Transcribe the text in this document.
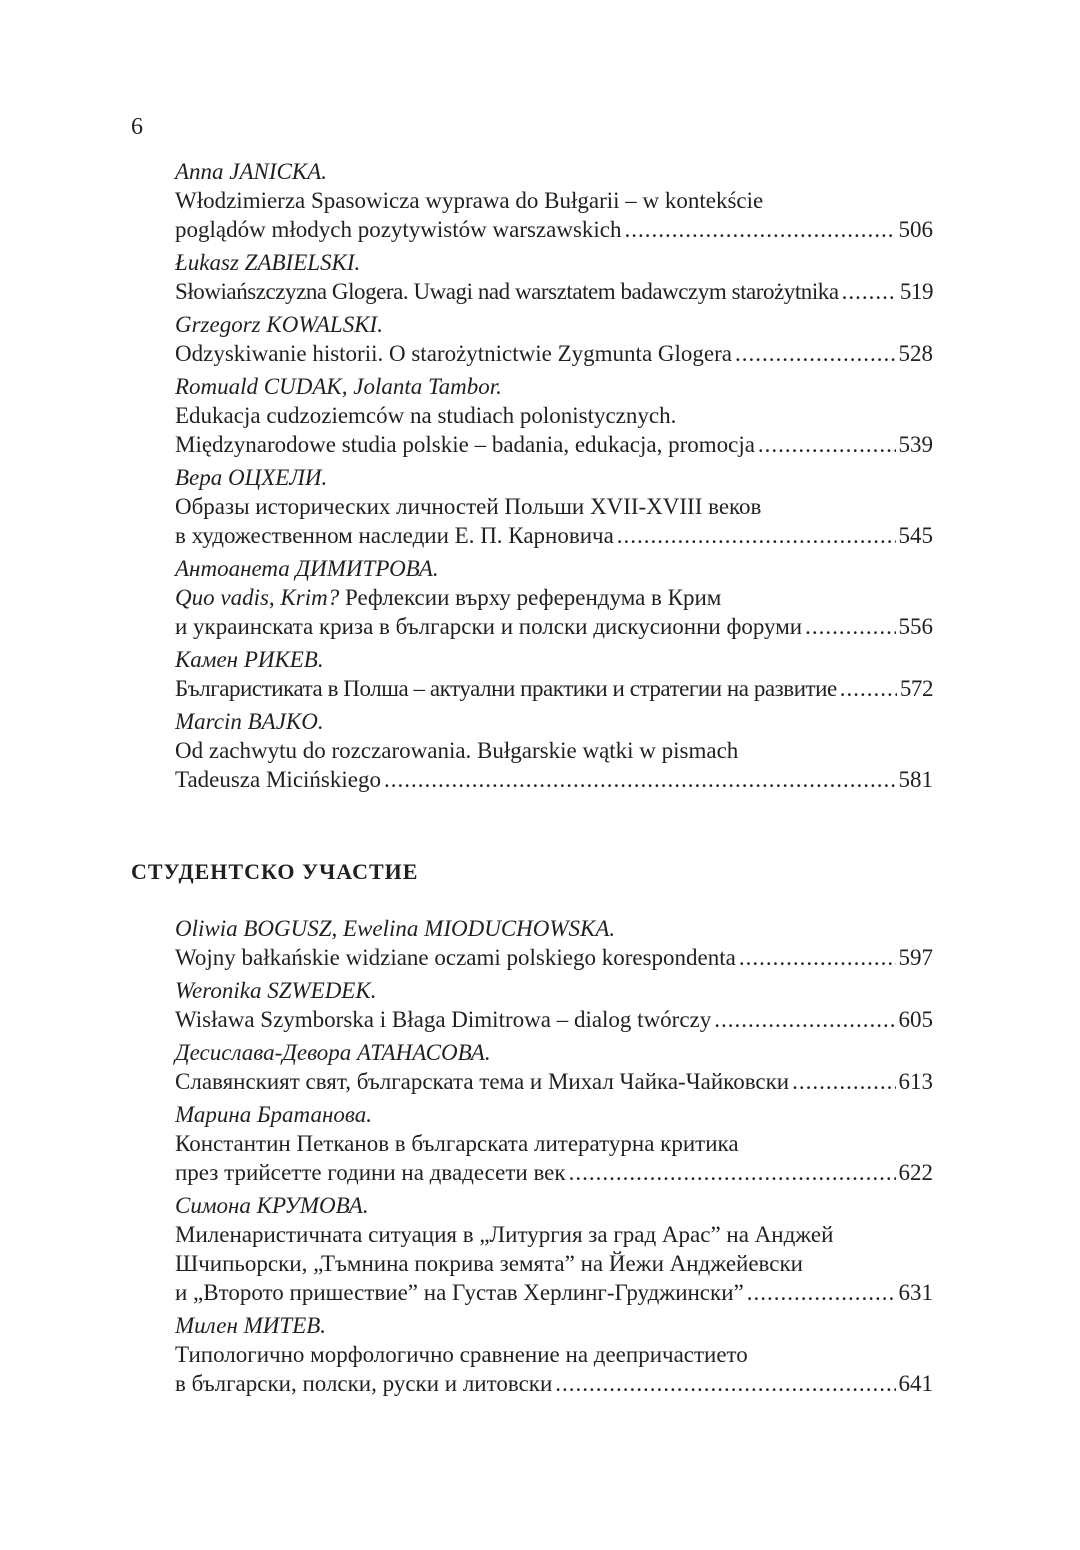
6
Anna JANICKA.
Włodzimierza Spasowicza wyprawa do Bułgarii – w kontekście
poglądów młodych pozytywistów warszawskich .....	506
Łukasz ZABIELSKI.
Słowiańszczyzna Glogera. Uwagi nad warsztatem badawczym starożytnika .....	519
Grzegorz KOWALSKI.
Odzyskiwanie historii. O starożytnictwie Zygmunta Glogera .....	528
Romuald CUDAK, Jolanta Tambor.
Edukacja cudzoziemców na studiach polonistycznych.
Międzynarodowe studia polskie – badania, edukacja, promocja .....	539
Вера ОЦХЕЛИ.
Образы исторических личностей Польши XVII-XVIII веков
в художественном наследии Е. П. Карновича .....	545
Антоанета ДИМИТРОВА.
Quo vadis, Krim? Рефлексии върху референдума в Крим
и украинската криза в български и полски дискусионни форуми .....	556
Камен РИКЕВ.
Българистиката в Полша – актуални практики и стратегии на развитие .....	572
Marcin BAJKO.
Od zachwytu do rozczarowania. Bułgarskie wątki w pismach
Tadeusza Micińskiego .....	581
СТУДЕНТСКО УЧАСТИЕ
Oliwia BOGUSZ, Ewelina MIODUCHOWSKA.
Wojny bałkańskie widziane oczami polskiego korespondenta .....	597
Weronika SZWEDEK.
Wisława Szymborska i Błaga Dimitrowa – dialog twórczy .....	605
Десислава-Девора АТАНАСОВА.
Славянският свят, българската тема и Михал Чайка-Чайковски .....	613
Марина Братанова.
Константин Петканов в българската литературна критика
през трийсетте години на двадесети век .....	622
Симона КРУМОВА.
Миленаристичната ситуация в „Литургия за град Арас” на Анджей
Шчипьорски, „Тъмнина покрива земята” на Йежи Анджейевски
и „Второто пришествие” на Густав Херлинг-Груджински” .....	631
Милен МИТЕВ.
Типологично морфологично сравнение на деепричастието
в български, полски, руски и литовски .....	641
